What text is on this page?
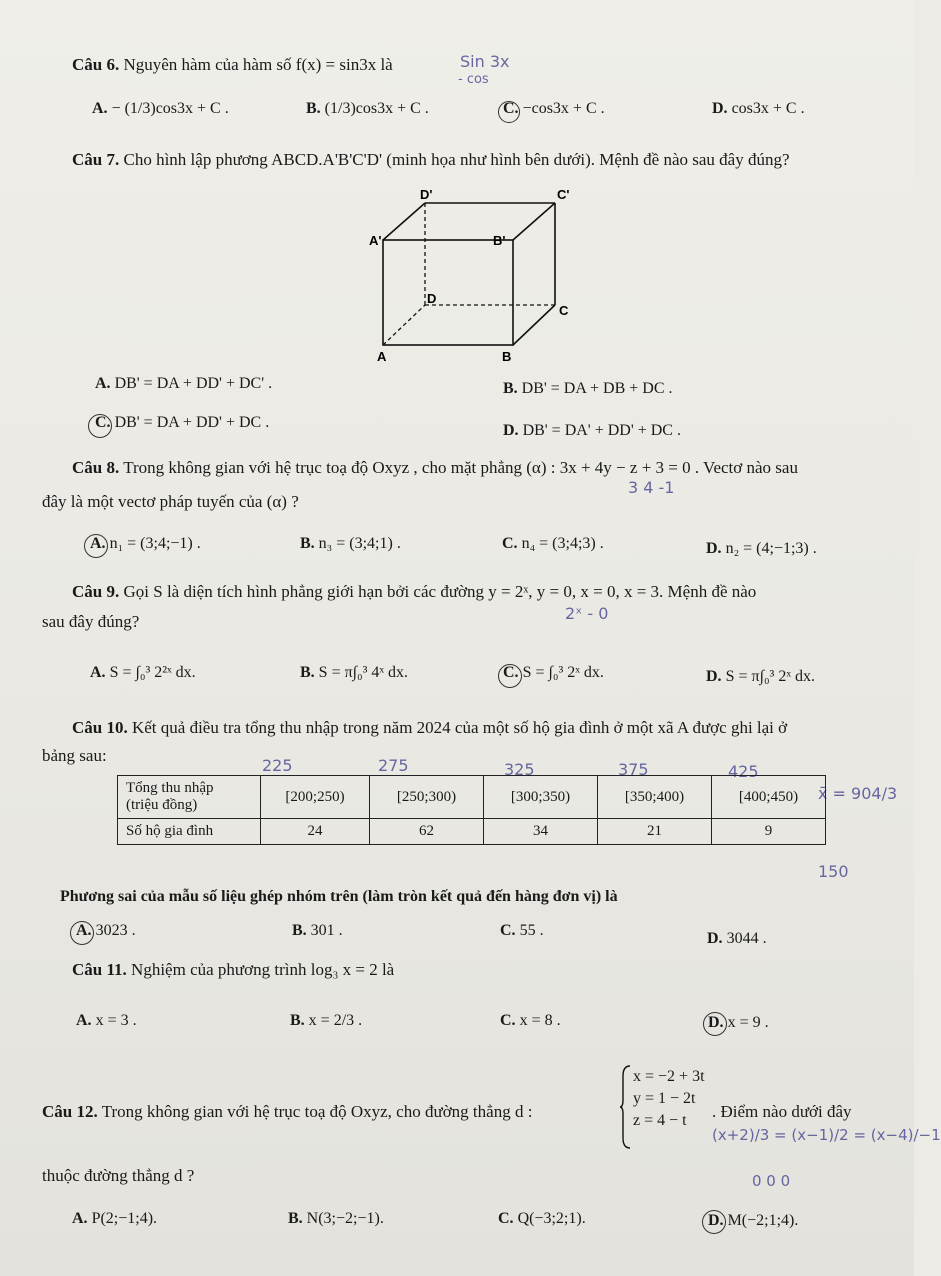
Câu 6. Nguyên hàm của hàm số f(x) = sin3x là	Sin 3x
- cos
A. − (1/3)cos3x + C .	B. (1/3)cos3x + C .	C. −cos3x + C .	D. cos3x + C .
Câu 7. Cho hình lập phương ABCD.A'B'C'D' (minh họa như hình bên dưới). Mệnh đề nào sau đây đúng?
D'	C'
A'	B'
D
C
A	B
A. DB' = DA + DD' + DC' .	B. DB' = DA + DB + DC .
C. DB' = DA + DD' + DC .	D. DB' = DA' + DD' + DC .
Câu 8. Trong không gian với hệ trục toạ độ Oxyz , cho mặt phẳng (α) : 3x + 4y − z + 3 = 0 . Vectơ nào sau
đây là một vectơ pháp tuyến của (α) ?
3 4 -1
A. n₁ = (3;4;−1) .	B. n₃ = (3;4;1) .	C. n₄ = (3;4;3) .	D. n₂ = (4;−1;3) .
Câu 9. Gọi S là diện tích hình phẳng giới hạn bởi các đường y = 2ˣ, y = 0, x = 0, x = 3. Mệnh đề nào
sau đây đúng?	2ˣ - 0
A. S = ∫₀³ 2²ˣ dx.	B. S = π∫₀³ 4ˣ dx.	C. S = ∫₀³ 2ˣ dx.	D. S = π∫₀³ 2ˣ dx.
Câu 10. Kết quả điều tra tổng thu nhập trong năm 2024 của một số hộ gia đình ở một xã A được ghi lại ở
bảng sau:
225	275	325	375	425
x̄ = 904/3
150
Tổng thu nhập
(triệu đồng)	[200;250)	[250;300)	[300;350)	[350;400)	[400;450)
Số hộ gia đình	24	62	34	21	9
Phương sai của mẫu số liệu ghép nhóm trên (làm tròn kết quả đến hàng đơn vị) là
A. 3023 .	B. 301 .	C. 55 .	D. 3044 .
Câu 11. Nghiệm của phương trình log₃ x = 2 là
A. x = 3 .	B. x = 2/3 .	C. x = 8 .	D. x = 9 .
Câu 12. Trong không gian với hệ trục toạ độ Oxyz, cho đường thẳng d :
x = −2 + 3t
y = 1 − 2t
z = 4 − t	. Điểm nào dưới đây
thuộc đường thẳng d ?
(x+2)/3 = (x−1)/2 = (x−4)/−1
0 0 0
A. P(2;−1;4).	B. N(3;−2;−1).	C. Q(−3;2;1).	D. M(−2;1;4).
